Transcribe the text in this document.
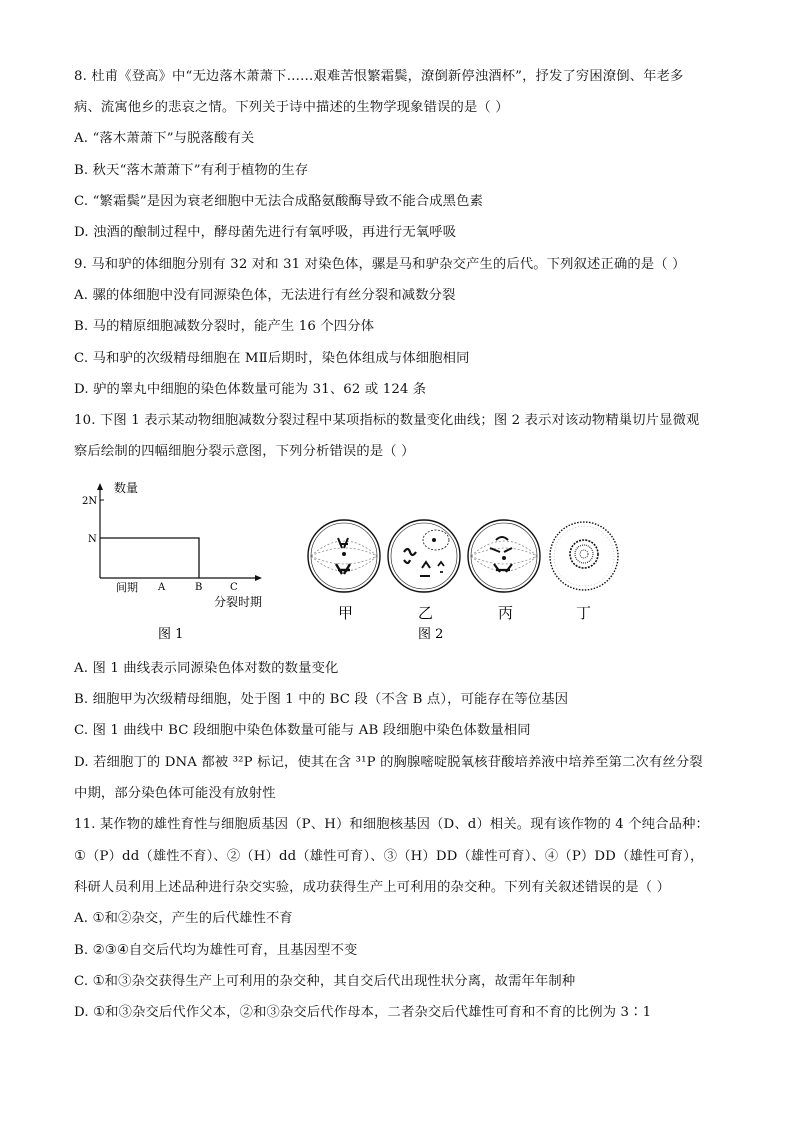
8. 杜甫《登高》中“无边落木萧萧下……艰难苦恨繁霜鬓，潦倒新停浊酒杯”，抒发了穷困潦倒、年老多
病、流寓他乡的悲哀之情。下列关于诗中描述的生物学现象错误的是（ ）
A. “落木萧萧下”与脱落酸有关
B. 秋天“落木萧萧下”有利于植物的生存
C. “繁霜鬓”是因为衰老细胞中无法合成酪氨酸酶导致不能合成黑色素
D. 浊酒的酿制过程中，酵母菌先进行有氧呼吸，再进行无氧呼吸
9. 马和驴的体细胞分别有 32 对和 31 对染色体，骡是马和驴杂交产生的后代。下列叙述正确的是（ ）
A. 骡的体细胞中没有同源染色体，无法进行有丝分裂和减数分裂
B. 马的精原细胞减数分裂时，能产生 16 个四分体
C. 马和驴的次级精母细胞在 MⅡ后期时，染色体组成与体细胞相同
D. 驴的睾丸中细胞的染色体数量可能为 31、62 或 124 条
10. 下图 1 表示某动物细胞减数分裂过程中某项指标的数量变化曲线；图 2 表示对该动物精巢切片显微观
察后绘制的四幅细胞分裂示意图，下列分析错误的是（ ）
数量
2N
N
间期 A	B	C
分裂时期
图 1
甲	乙	丙	丁
图 2
A. 图 1 曲线表示同源染色体对数的数量变化
B. 细胞甲为次级精母细胞，处于图 1 中的 BC 段（不含 B 点），可能存在等位基因
C. 图 1 曲线中 BC 段细胞中染色体数量可能与 AB 段细胞中染色体数量相同
D. 若细胞丁的 DNA 都被 ³²P 标记，使其在含 ³¹P 的胸腺嘧啶脱氧核苷酸培养液中培养至第二次有丝分裂
中期，部分染色体可能没有放射性
11. 某作物的雄性育性与细胞质基因（P、H）和细胞核基因（D、d）相关。现有该作物的 4 个纯合品种：
①（P）dd（雄性不育）、②（H）dd（雄性可育）、③（H）DD（雄性可育）、④（P）DD（雄性可育），
科研人员利用上述品种进行杂交实验，成功获得生产上可利用的杂交种。下列有关叙述错误的是（ ）
A. ①和②杂交，产生的后代雄性不育
B. ②③④自交后代均为雄性可育，且基因型不变
C. ①和③杂交获得生产上可利用的杂交种，其自交后代出现性状分离，故需年年制种
D. ①和③杂交后代作父本，②和③杂交后代作母本，二者杂交后代雄性可育和不育的比例为 3∶1
